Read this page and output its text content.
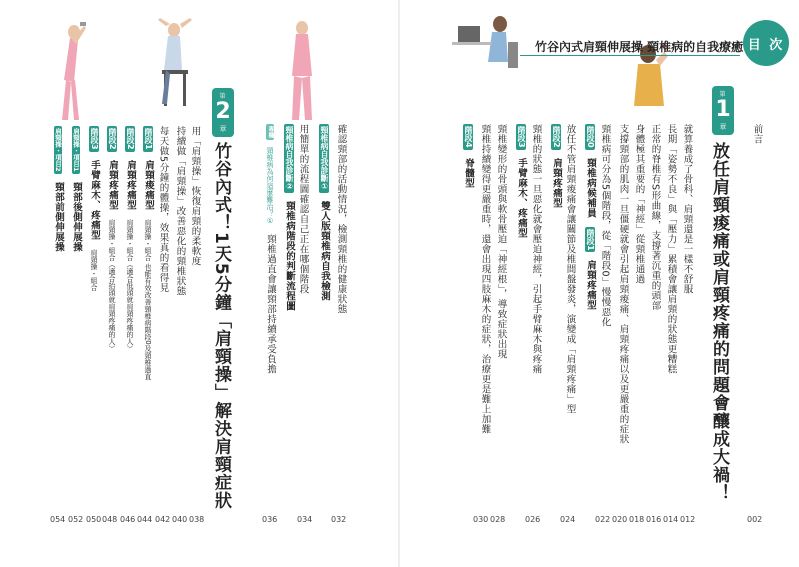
確認頸部的活動情況，檢測頸椎的健康狀態
032
頸椎病自我診斷① 雙人版頸椎病自我檢測
用簡單的流程圖確認自己正在哪個階段
034
頸椎病自我診斷② 頸椎病階段的判斷流程圖
專欄 頸椎病為何這麼難治？① 頸椎過直會讓頸部持續承受負擔
036
第
2
章
竹谷內式！1天5分鐘「肩頸操」解決肩頸症狀
038
用「肩頸操」恢復肩頸的柔軟度
持續做「肩頸操」改善惡化的頸椎狀態
040
每天做5分鐘的體操，效果真的看得見
042
階段1 肩頸痠痛型 肩頸操・組合 也能有效改善頸椎病階段0及頸椎過直
044
階段2 肩頸疼痛型 肩頸操・組合（適合低頭就肩頸疼痛的人）
046
階段2 肩頸疼痛型 肩頸操・組合（適合抬頭就肩頸疼痛的人）
048
階段3 手臂麻木、疼痛型 肩頸操・組合
050
肩頸操・項目1 頸部後側伸展操
052
肩頸操・項目2 頸部前側伸展操
054
竹谷內式肩頸伸展操 頸椎病的自我療癒 目 次
前言
002
第
1
章
放任肩頸痠痛或肩頸疼痛的問題會釀成大禍！
012
就算養成了骨科、肩頸還是一樣不舒服
長期「姿勢不良」與「壓力」累積會讓肩頸的狀態更糟糕
014
正常的脊椎有S形曲線，支撐著沉重的頭部
016
身體極其重要的「神經」從頸椎通過
018
支撐頸部的肌肉一旦僵硬就會引起肩頸痠痛、肩頸疼痛以及更嚴重的症狀
020
頸椎病可分為5個階段，從「階段0」慢慢惡化
022
階段0 頸椎病候補員 階段1 肩頸疼痛型
024
放任不管肩頸痠痛會讓關節及椎間盤發炎，演變成「肩頸疼痛」型
階段2 肩頸疼痛型
026
頸椎的狀態一旦惡化就會壓迫神經，引起手臂麻木與疼痛
階段3 手臂麻木、疼痛型
028
頸椎變形的骨頭與軟骨壓迫「神經根」，導致症狀出現
頸椎持續變得更嚴重時，還會出現四肢麻木的症狀，治療更是難上加難
030
階段4 脊髓型
